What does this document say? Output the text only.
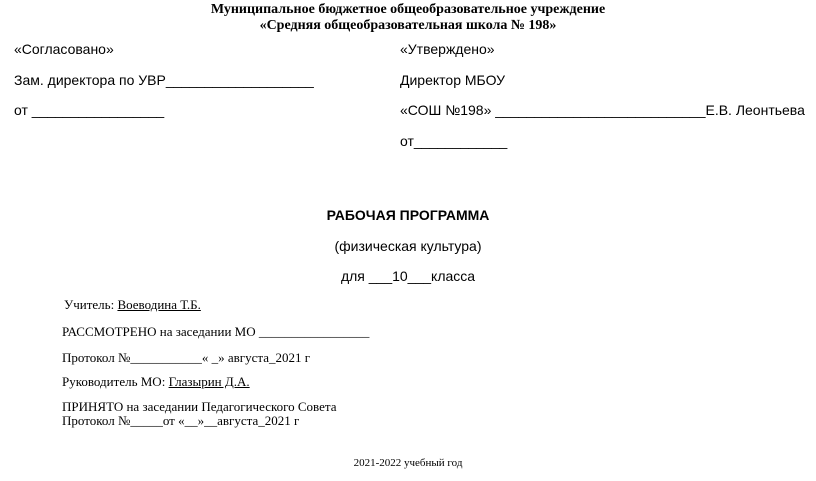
Муниципальное бюджетное общеобразовательное учреждение
«Средняя общеобразовательная школа № 198»
«Согласовано»
Зам. директора по УВР___________________
от _________________
«Утверждено»
Директор МБОУ
«СОШ №198» ___________________________Е.В. Леонтьева
от____________
РАБОЧАЯ ПРОГРАММА
(физическая культура)
для ___10___класса
Учитель: Воеводина Т.Б.
РАССМОТРЕНО на заседании МО _________________
Протокол №___________« _» августа_2021 г
Руководитель МО: Глазырин Д.А.
ПРИНЯТО на заседании Педагогического Совета
Протокол №_____от «__»__августа_2021 г
2021-2022 учебный год
